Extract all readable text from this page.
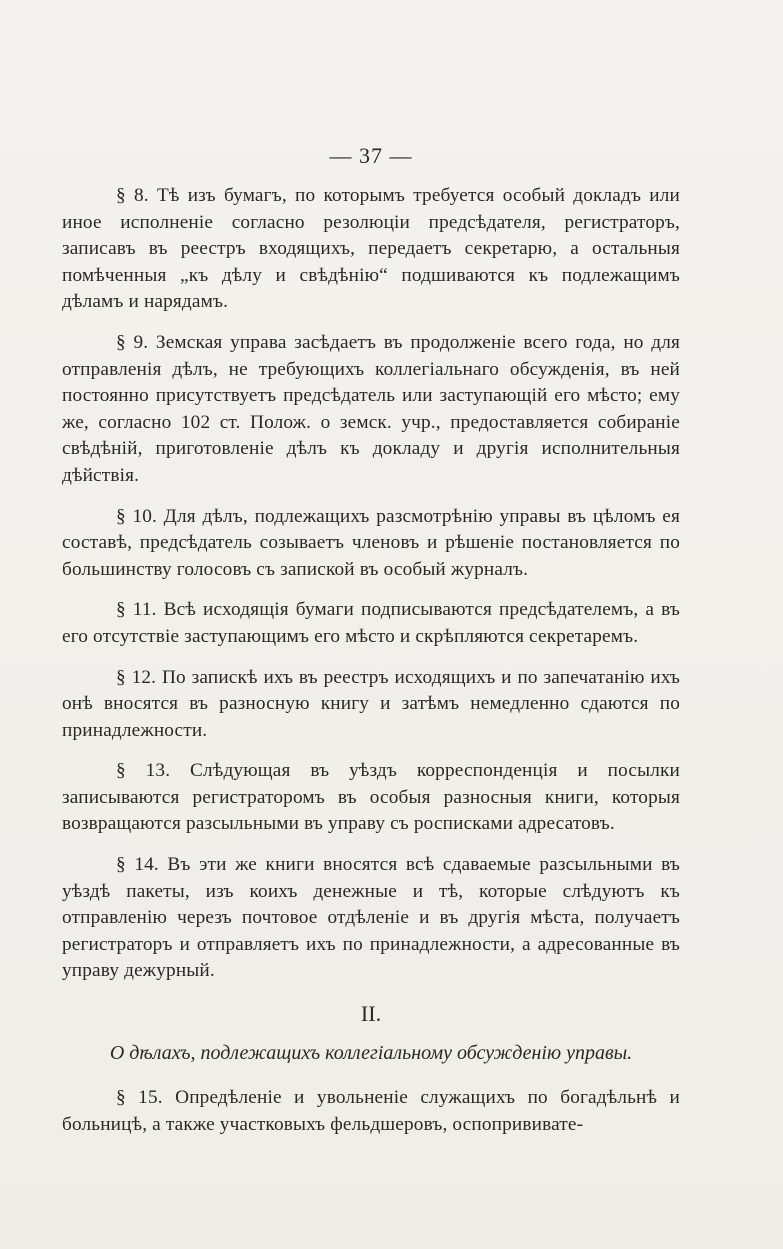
— 37 —

§ 8. Тѣ изъ бумагъ, по которымъ требуется особый докладъ или иное исполненіе согласно резолюціи предсѣдателя, регистраторъ, записавъ въ реестръ входящихъ, передаетъ секретарю, а остальныя помѣченныя „къ дѣлу и свѣдѣнію“ подшиваются къ подлежащимъ дѣламъ и нарядамъ.

§ 9. Земская управа засѣдаетъ въ продолженіе всего года, но для отправленія дѣлъ, не требующихъ коллегіальнаго обсужденія, въ ней постоянно присутствуетъ предсѣдатель или заступающій его мѣсто; ему же, согласно 102 ст. Полож. о земск. учр., предоставляется собираніе свѣдѣній, приготовленіе дѣлъ къ докладу и другія исполнительныя дѣйствія.

§ 10. Для дѣлъ, подлежащихъ разсмотрѣнію управы въ цѣломъ ея составѣ, предсѣдатель созываетъ членовъ и рѣшеніе постановляется по большинству голосовъ съ запиской въ особый журналъ.

§ 11. Всѣ исходящія бумаги подписываются предсѣдателемъ, а въ его отсутствіе заступающимъ его мѣсто и скрѣпляются секретаремъ.

§ 12. По запискѣ ихъ въ реестръ исходящихъ и по запечатанію ихъ онѣ вносятся въ разносную книгу и затѣмъ немедленно сдаются по принадлежности.

§ 13. Слѣдующая въ уѣздъ корреспонденція и посылки записываются регистраторомъ въ особыя разносныя книги, которыя возвращаются разсыльными въ управу съ росписками адресатовъ.

§ 14. Въ эти же книги вносятся всѣ сдаваемые разсыльными въ уѣздѣ пакеты, изъ коихъ денежные и тѣ, которые слѣдуютъ къ отправленію черезъ почтовое отдѣленіе и въ другія мѣста, получаетъ регистраторъ и отправляетъ ихъ по принадлежности, а адресованные въ управу дежурный.

II.
О дѣлахъ, подлежащихъ коллегіальному обсужденію управы.

§ 15. Опредѣленіе и увольненіе служащихъ по богадѣльнѣ и больницѣ, а также участковыхъ фельдшеровъ, оспопрививате-
